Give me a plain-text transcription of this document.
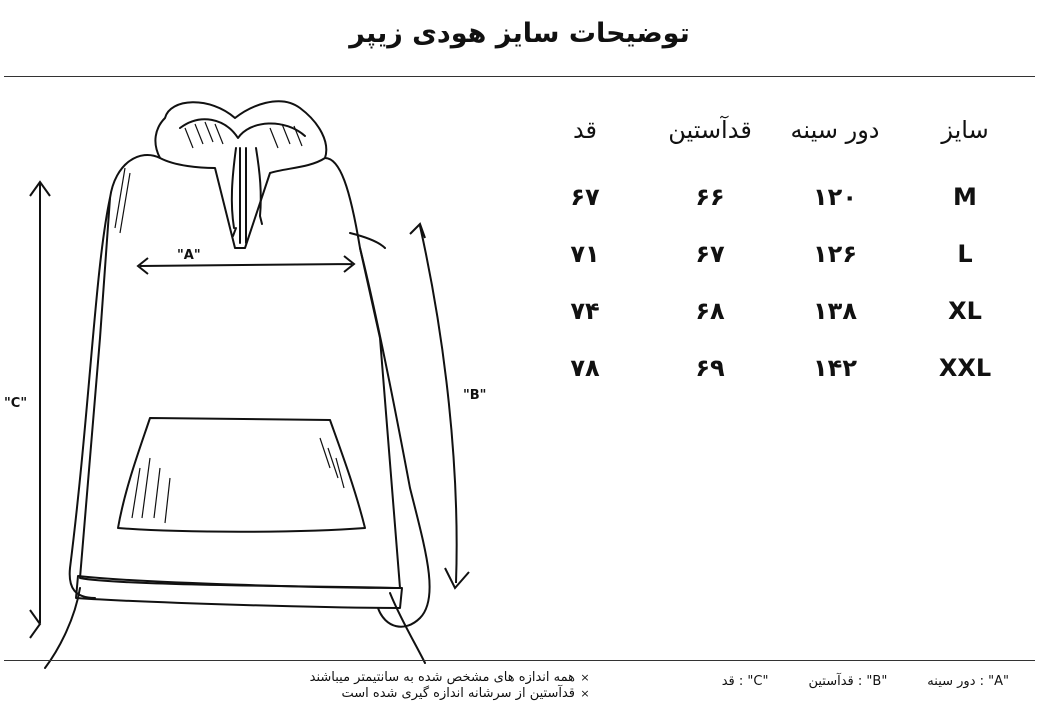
توضیحات سایز هودی زیپر
"A"
"B"
"C"
سایز
دور سینه
قدآستین
قد
M
۱۲۰
۶۶
۶۷
L
۱۲۶
۶۷
۷۱
XL
۱۳۸
۶۸
۷۴
XXL
۱۴۲
۶۹
۷۸
×
همه اندازه های مشخص شده به سانتیمتر میباشند
×
قدآستین از سرشانه اندازه گیری شده است
"A" : دور سینه
"B" : قدآستین
"C" : قد
